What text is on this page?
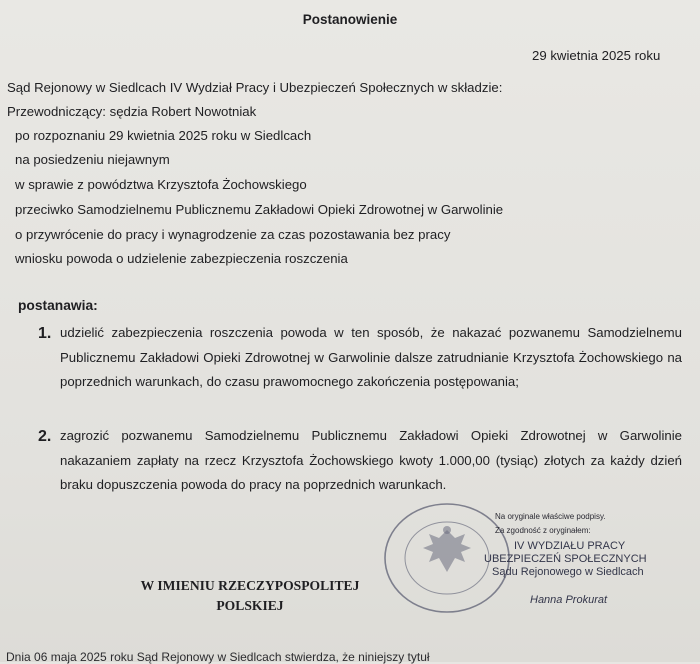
Postanowienie
29 kwietnia 2025 roku
Sąd Rejonowy w Siedlcach IV Wydział Pracy i Ubezpieczeń Społecznych w składzie:
Przewodniczący: sędzia Robert Nowotniak
po rozpoznaniu 29 kwietnia 2025 roku w Siedlcach
na posiedzeniu niejawnym
w sprawie z powództwa Krzysztofa Żochowskiego
przeciwko Samodzielnemu Publicznemu Zakładowi Opieki Zdrowotnej w Garwolinie
o przywrócenie do pracy i wynagrodzenie za czas pozostawania bez pracy
wniosku powoda o udzielenie zabezpieczenia roszczenia
postanawia:
1. udzielić zabezpieczenia roszczenia powoda w ten sposób, że nakazać pozwanemu Samodzielnemu Publicznemu Zakładowi Opieki Zdrowotnej w Garwolinie dalsze zatrudnianie Krzysztofa Żochowskiego na poprzednich warunkach, do czasu prawomocnego zakończenia postępowania;
2. zagrozić pozwanemu Samodzielnemu Publicznemu Zakładowi Opieki Zdrowotnej w Garwolinie nakazaniem zapłaty na rzecz Krzysztofa Żochowskiego kwoty 1.000,00 (tysiąc) złotych za każdy dzień braku dopuszczenia powoda do pracy na poprzednich warunkach.
Na oryginale właściwe podpisy.
Za zgodność z oryginałem:
IV WYDZIAŁU PRACY
UBEZPIECZEŃ SPOŁECZNYCH
Sądu Rejonowego w Siedlcach
Hanna Prokurat
W IMIENIU RZECZYPOSPOLITEJ
POLSKIEJ
Dnia 06 maja 2025 roku Sąd Rejonowy w Siedlcach stwierdza, że niniejszy tytuł
